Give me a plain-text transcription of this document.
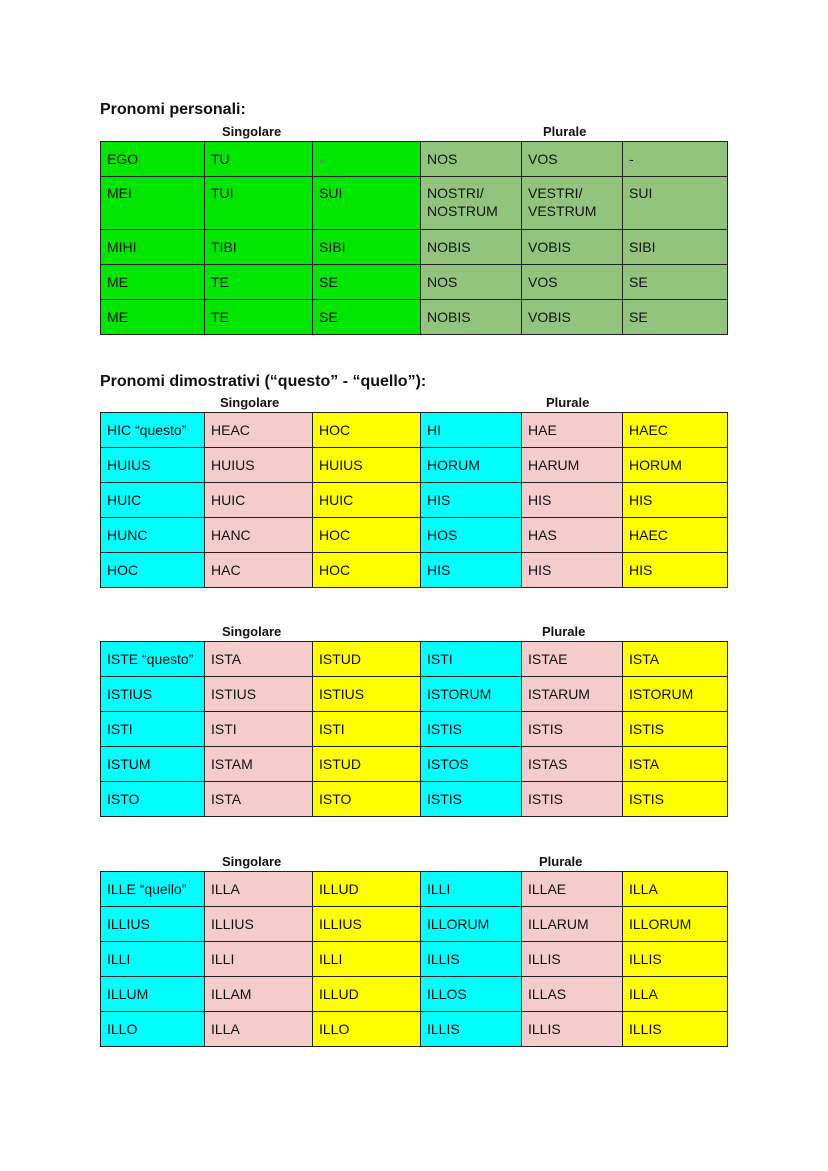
Pronomi personali:
Singolare	Plurale
EGO	TU	-	NOS	VOS	-
MEI	TUI	SUI	NOSTRI/ NOSTRUM	VESTRI/ VESTRUM	SUI
MIHI	TIBI	SIBI	NOBIS	VOBIS	SIBI
ME	TE	SE	NOS	VOS	SE
ME	TE	SE	NOBIS	VOBIS	SE
Pronomi dimostrativi (“questo” - “quello”):
Singolare	Plurale
HIC “questo”	HEAC	HOC	HI	HAE	HAEC
HUIUS	HUIUS	HUIUS	HORUM	HARUM	HORUM
HUIC	HUIC	HUIC	HIS	HIS	HIS
HUNC	HANC	HOC	HOS	HAS	HAEC
HOC	HAC	HOC	HIS	HIS	HIS
Singolare	Plurale
ISTE “questo”	ISTA	ISTUD	ISTI	ISTAE	ISTA
ISTIUS	ISTIUS	ISTIUS	ISTORUM	ISTARUM	ISTORUM
ISTI	ISTI	ISTI	ISTIS	ISTIS	ISTIS
ISTUM	ISTAM	ISTUD	ISTOS	ISTAS	ISTA
ISTO	ISTA	ISTO	ISTIS	ISTIS	ISTIS
Singolare	Plurale
ILLE “quello”	ILLA	ILLUD	ILLI	ILLAE	ILLA
ILLIUS	ILLIUS	ILLIUS	ILLORUM	ILLARUM	ILLORUM
ILLI	ILLI	ILLI	ILLIS	ILLIS	ILLIS
ILLUM	ILLAM	ILLUD	ILLOS	ILLAS	ILLA
ILLO	ILLA	ILLO	ILLIS	ILLIS	ILLIS
